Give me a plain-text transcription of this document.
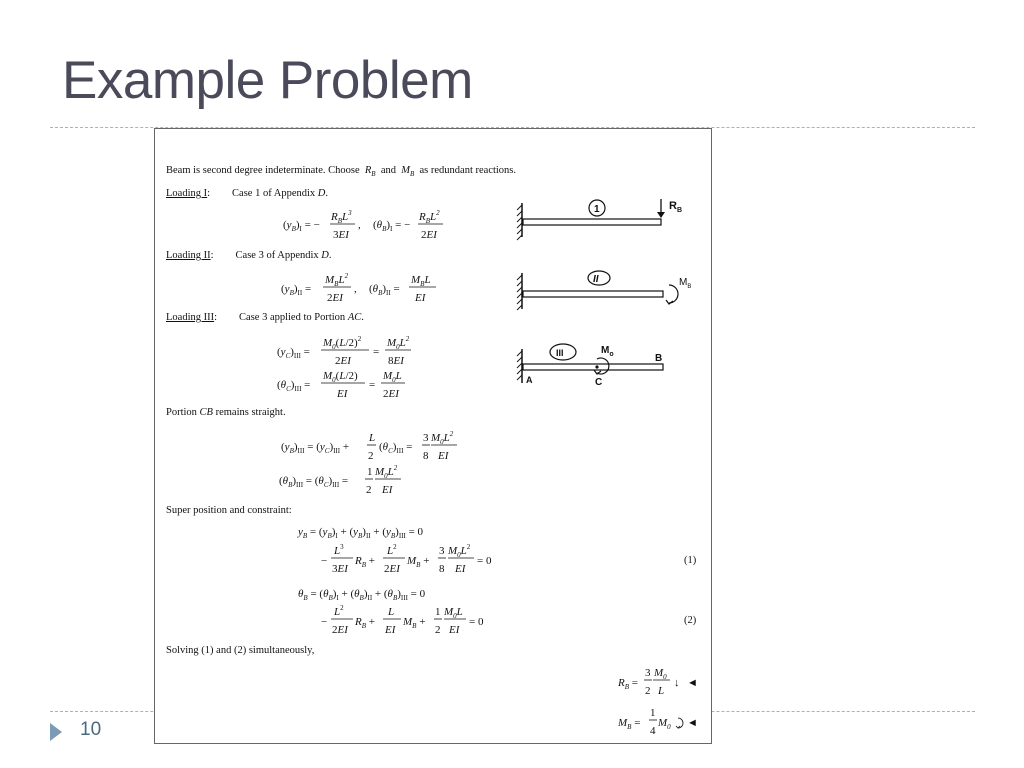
Example Problem
10
Beam is second degree indeterminate. Choose $R_B$ and $M_B$ as redundant reactions.
Loading I: Case 1 of Appendix D.
$(y_B)_I$ = −
$R_BL^3$
3EI
, $(\theta_B)_I$ = −
$R_BL^2$
2EI
Loading II: Case 3 of Appendix D.
$(y_B)_{II}$ =
$M_BL^2$
2EI
, $(\theta_B)_{II}$ =
$M_BL$
EI
Loading III: Case 3 applied to Portion AC.
$(y_C)_{III}$ =
$M_0(L/2)^2$
2EI
=
$M_0L^2$
8EI
$(\theta_C)_{III}$ =
$M_0(L/2)$
EI
=
$M_0L$
2EI
Portion CB remains straight.
$(y_B)_{III} = (y_C)_{III}$ +
L
2
$(\theta_C)_{III}$ =
3
8
$M_0L^2$
EI
$(\theta_B)_{III} = (\theta_C)_{III}$ =
1
2
$M_0L^2$
EI
Super position and constraint:
$y_B = (y_B)_I + (y_B)_{II} + (y_B)_{III} = 0$
−
$L^3$
3EI
$R_B$ +
$L^2$
2EI
$M_B$ +
3
8
$M_0L^2$
EI
= 0	(1)
$\theta_B = (\theta_B)_I + (\theta_B)_{II} + (\theta_B)_{III} = 0$
−
$L^2$
2EI
$R_B$ +
L
EI
$M_B$ +
1
2
$M_0L$
EI
= 0	(2)
Solving (1) and (2) simultaneously,
$R_B$ =
3
2
$M_0$
L
↓ ◄
$M_B$ =
1
4
$M_0$ ◄
1	$R_B$
II	$M_B$
III	$M_o$	B
A	C
